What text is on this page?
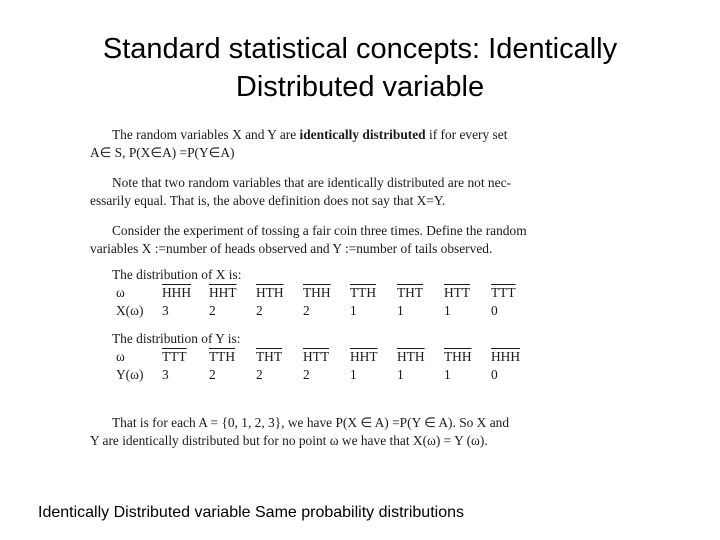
Standard statistical concepts: Identically
Distributed variable

The random variables X and Y are identically distributed if for every set
A∈ S, P(X∈A) =P(Y∈A)

Note that two random variables that are identically distributed are not nec-
essarily equal. That is, the above definition does not say that X=Y.

Consider the experiment of tossing a fair coin three times. Define the random
variables X :=number of heads observed and Y :=number of tails observed.

The distribution of X is:
ω	$\overline{HHH}$	$\overline{HHT}$	$\overline{HTH}$	$\overline{THH}$	$\overline{TTH}$	$\overline{THT}$	$\overline{HTT}$	$\overline{TTT}$
X(ω)	3	2	2	2	1	1	1	0
The distribution of Y is:
ω	$\overline{TTT}$	$\overline{TTH}$	$\overline{THT}$	$\overline{HTT}$	$\overline{HHT}$	$\overline{HTH}$	$\overline{THH}$	$\overline{HHH}$
Y(ω)	3	2	2	2	1	1	1	0

That is for each A = {0, 1, 2, 3}, we have P(X ∈ A) =P(Y ∈ A). So X and
Y are identically distributed but for no point ω we have that X(ω) = Y (ω).

Identically Distributed variable Same probability distributions
